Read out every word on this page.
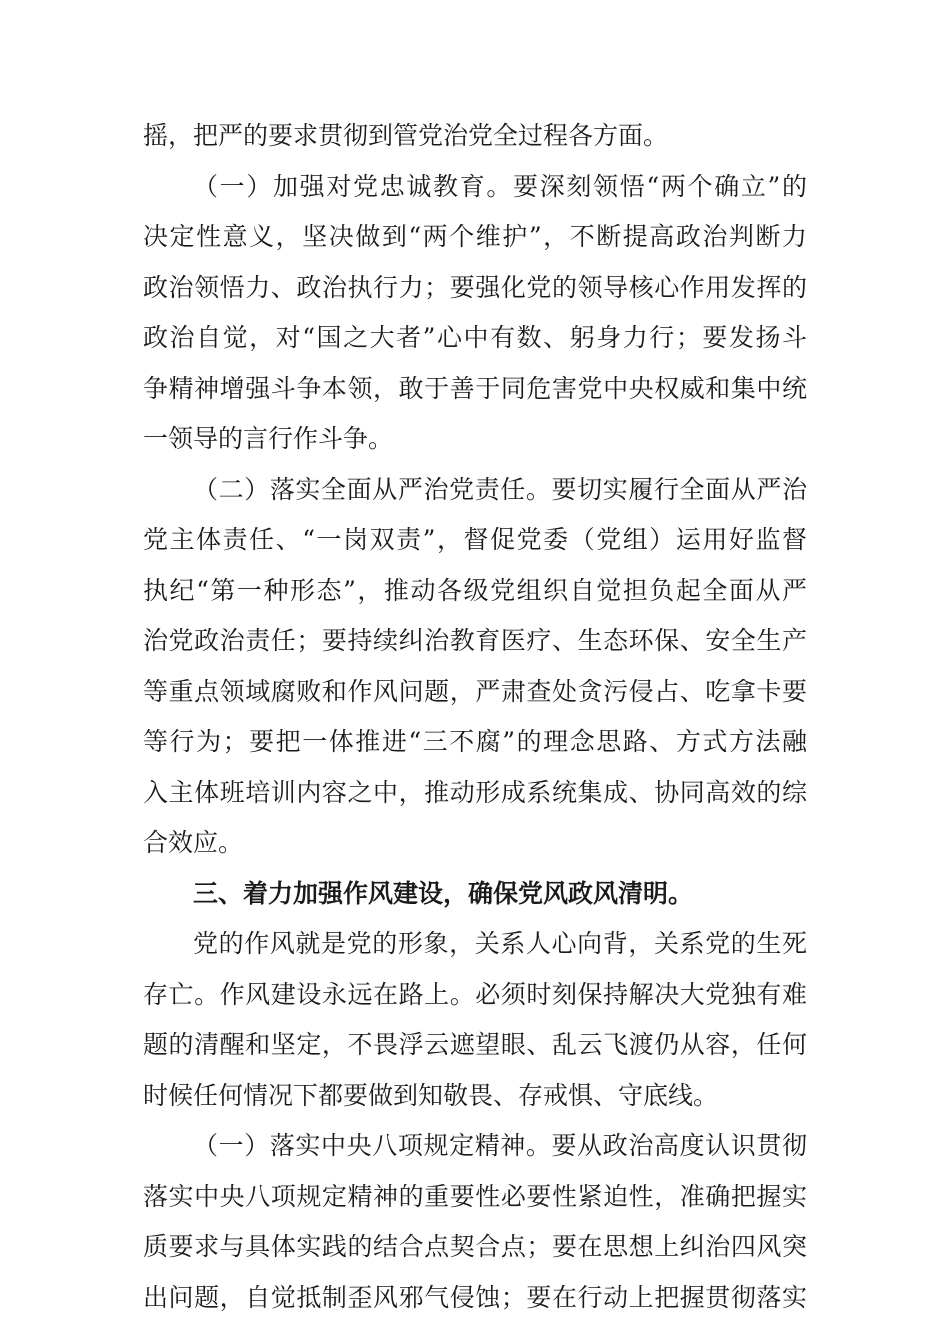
摇，把严的要求贯彻到管党治党全过程各方面。
（一）加强对党忠诚教育。要深刻领悟“两个确立”的
决定性意义，坚决做到“两个维护”，不断提高政治判断力
政治领悟力、政治执行力；要强化党的领导核心作用发挥的
政治自觉，对“国之大者”心中有数、躬身力行；要发扬斗
争精神增强斗争本领，敢于善于同危害党中央权威和集中统
一领导的言行作斗争。
（二）落实全面从严治党责任。要切实履行全面从严治
党主体责任、“一岗双责”，督促党委（党组）运用好监督
执纪“第一种形态”，推动各级党组织自觉担负起全面从严
治党政治责任；要持续纠治教育医疗、生态环保、安全生产
等重点领域腐败和作风问题，严肃查处贪污侵占、吃拿卡要
等行为；要把一体推进“三不腐”的理念思路、方式方法融
入主体班培训内容之中，推动形成系统集成、协同高效的综
合效应。
三、着力加强作风建设，确保党风政风清明。
党的作风就是党的形象，关系人心向背，关系党的生死
存亡。作风建设永远在路上。必须时刻保持解决大党独有难
题的清醒和坚定，不畏浮云遮望眼、乱云飞渡仍从容，任何
时候任何情况下都要做到知敬畏、存戒惧、守底线。
（一）落实中央八项规定精神。要从政治高度认识贯彻
落实中央八项规定精神的重要性必要性紧迫性，准确把握实
质要求与具体实践的结合点契合点；要在思想上纠治四风突
出问题，自觉抵制歪风邪气侵蚀；要在行动上把握贯彻落实
